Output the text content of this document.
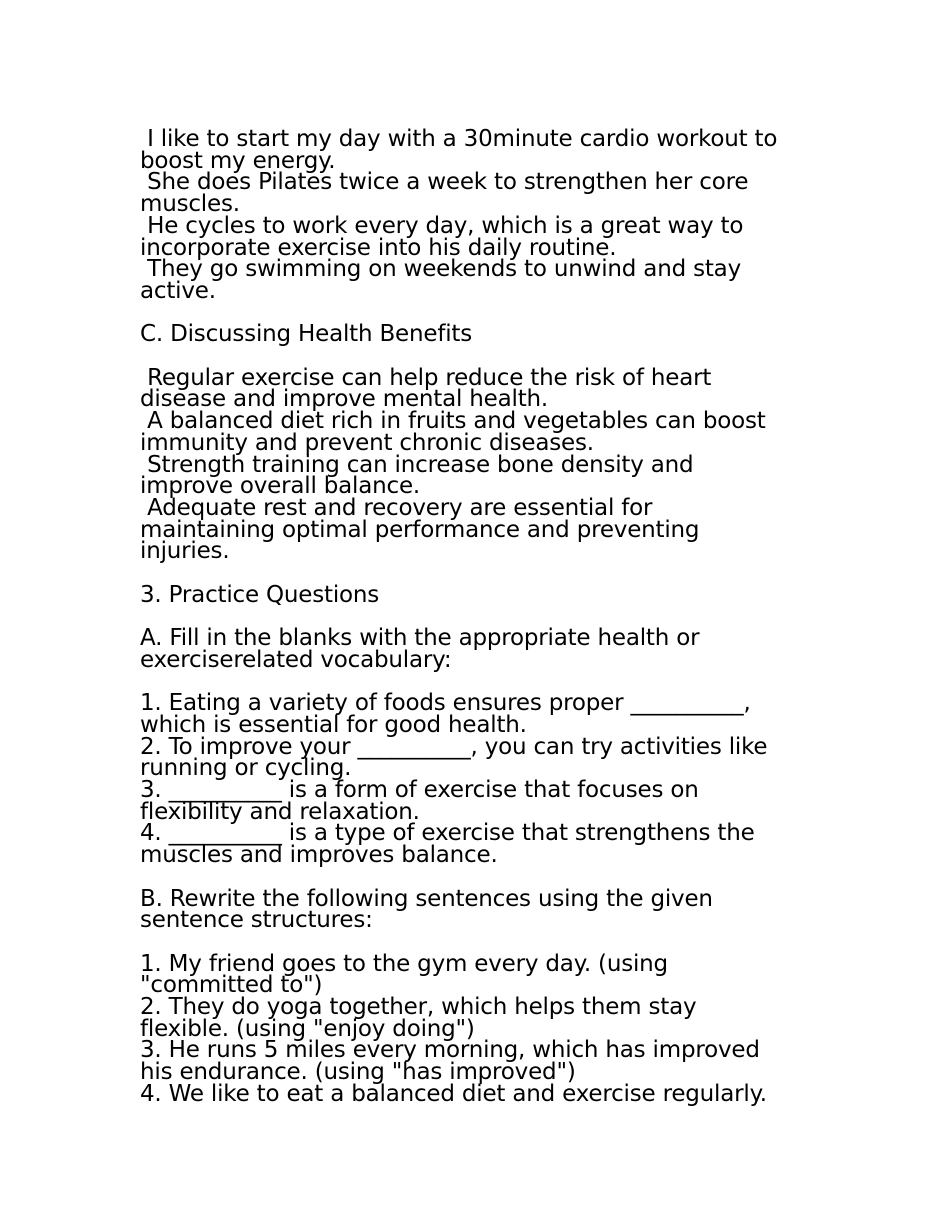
I like to start my day with a 30minute cardio workout to
boost my energy.
She does Pilates twice a week to strengthen her core
muscles.
He cycles to work every day, which is a great way to
incorporate exercise into his daily routine.
They go swimming on weekends to unwind and stay
active.
C. Discussing Health Benefits
Regular exercise can help reduce the risk of heart
disease and improve mental health.
A balanced diet rich in fruits and vegetables can boost
immunity and prevent chronic diseases.
Strength training can increase bone density and
improve overall balance.
Adequate rest and recovery are essential for
maintaining optimal performance and preventing
injuries.
3. Practice Questions
A. Fill in the blanks with the appropriate health or
exerciserelated vocabulary:
1. Eating a variety of foods ensures proper __________,
which is essential for good health.
2. To improve your __________, you can try activities like
running or cycling.
3. __________ is a form of exercise that focuses on
flexibility and relaxation.
4. __________ is a type of exercise that strengthens the
muscles and improves balance.
B. Rewrite the following sentences using the given
sentence structures:
1. My friend goes to the gym every day. (using
"committed to")
2. They do yoga together, which helps them stay
flexible. (using "enjoy doing")
3. He runs 5 miles every morning, which has improved
his endurance. (using "has improved")
4. We like to eat a balanced diet and exercise regularly.
